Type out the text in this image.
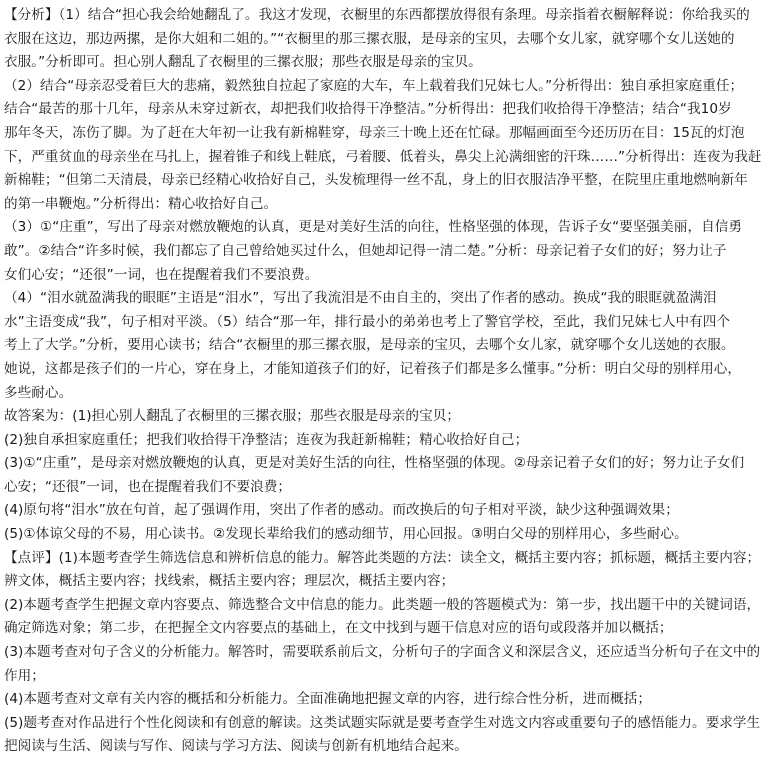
【分析】（1）结合“担心我会给她翻乱了。我这才发现，衣橱里的东西都摆放得很有条理。母亲指着衣橱解释说：你给我买的
衣服在这边，那边两摞，是你大姐和二姐的。”“衣橱里的那三摞衣服，是母亲的宝贝，去哪个女儿家，就穿哪个女儿送她的
衣服。”分析即可。担心别人翻乱了衣橱里的三摞衣服；那些衣服是母亲的宝贝。
（2）结合“母亲忍受着巨大的悲痛，毅然独自拉起了家庭的大车，车上载着我们兄妹七人。”分析得出：独自承担家庭重任；
结合“最苦的那十几年，母亲从未穿过新衣，却把我们收拾得干净整洁。”分析得出：把我们收拾得干净整洁；结合“我10岁
那年冬天，冻伤了脚。为了赶在大年初一让我有新棉鞋穿，母亲三十晚上还在忙碌。那幅画面至今还历历在目：15瓦的灯泡
下，严重贫血的母亲坐在马扎上，握着锥子和线上鞋底，弓着腰、低着头，鼻尖上沁满细密的汗珠……”分析得出：连夜为我赶
新棉鞋；“但第二天清晨，母亲已经精心收拾好自己，头发梳理得一丝不乱，身上的旧衣服洁净平整，在院里庄重地燃响新年
的第一串鞭炮。”分析得出：精心收拾好自己。
（3）①“庄重”，写出了母亲对燃放鞭炮的认真，更是对美好生活的向往，性格坚强的体现，告诉子女“要坚强美丽，自信勇
敢”。②结合“许多时候，我们都忘了自己曾给她买过什么，但她却记得一清二楚。”分析：母亲记着子女们的好；努力让子
女们心安；“还很”一词，也在提醒着我们不要浪费。
（4）“泪水就盈满我的眼眶”主语是“泪水”，写出了我流泪是不由自主的，突出了作者的感动。换成“我的眼眶就盈满泪
水”主语变成“我”，句子相对平淡。（5）结合“那一年，排行最小的弟弟也考上了警官学校，至此，我们兄妹七人中有四个
考上了大学。”分析，要用心读书；结合“衣橱里的那三摞衣服，是母亲的宝贝，去哪个女儿家，就穿哪个女儿送她的衣服。
她说，这都是孩子们的一片心，穿在身上，才能知道孩子们的好，记着孩子们都是多么懂事。”分析：明白父母的别样用心，
多些耐心。
故答案为：(1)担心别人翻乱了衣橱里的三摞衣服；那些衣服是母亲的宝贝；
(2)独自承担家庭重任；把我们收拾得干净整洁；连夜为我赶新棉鞋；精心收拾好自己；
(3)①“庄重”，是母亲对燃放鞭炮的认真，更是对美好生活的向往，性格坚强的体现。②母亲记着子女们的好；努力让子女们
心安；“还很”一词，也在提醒着我们不要浪费；
(4)原句将“泪水”放在句首，起了强调作用，突出了作者的感动。而改换后的句子相对平淡，缺少这种强调效果；
(5)①体谅父母的不易，用心读书。②发现长辈给我们的感动细节，用心回报。③明白父母的别样用心，多些耐心。
【点评】(1)本题考查学生筛选信息和辨析信息的能力。解答此类题的方法：读全文，概括主要内容；抓标题，概括主要内容；
辨文体，概括主要内容；找线索，概括主要内容；理层次，概括主要内容；
(2)本题考查学生把握文章内容要点、筛选整合文中信息的能力。此类题一般的答题模式为：第一步，找出题干中的关键词语，
确定筛选对象；第二步，在把握全文内容要点的基础上，在文中找到与题干信息对应的语句或段落并加以概括；
(3)本题考查对句子含义的分析能力。解答时，需要联系前后文，分析句子的字面含义和深层含义，还应适当分析句子在文中的
作用；
(4)本题考查对文章有关内容的概括和分析能力。全面准确地把握文章的内容，进行综合性分析，进而概括；
(5)题考查对作品进行个性化阅读和有创意的解读。这类试题实际就是要考查学生对选文内容或重要句子的感悟能力。要求学生
把阅读与生活、阅读与写作、阅读与学习方法、阅读与创新有机地结合起来。
